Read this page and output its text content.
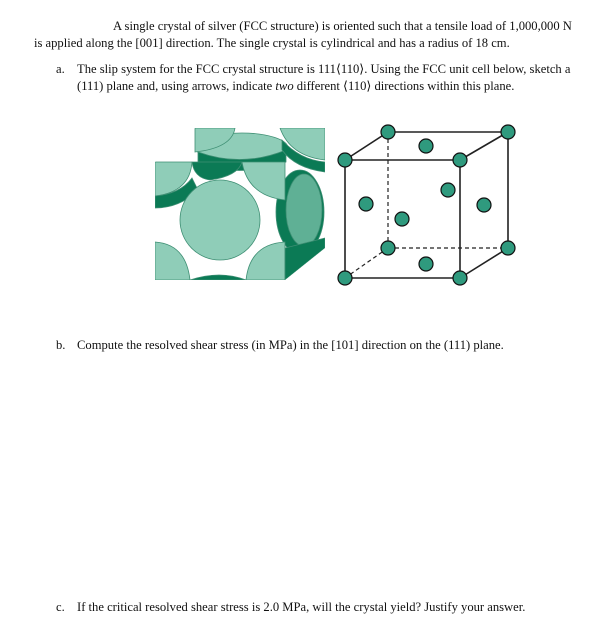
A single crystal of silver (FCC structure) is oriented such that a tensile load of 1,000,000 N
is applied along the [001] direction. The single crystal is cylindrical and has a radius of 18 cm.
a. The slip system for the FCC crystal structure is 111⟨110⟩. Using the FCC unit cell below, sketch a (111) plane and, using arrows, indicate two different ⟨110⟩ directions within this plane.
b. Compute the resolved shear stress (in MPa) in the [101] direction on the (111) plane.
c. If the critical resolved shear stress is 2.0 MPa, will the crystal yield? Justify your answer.
